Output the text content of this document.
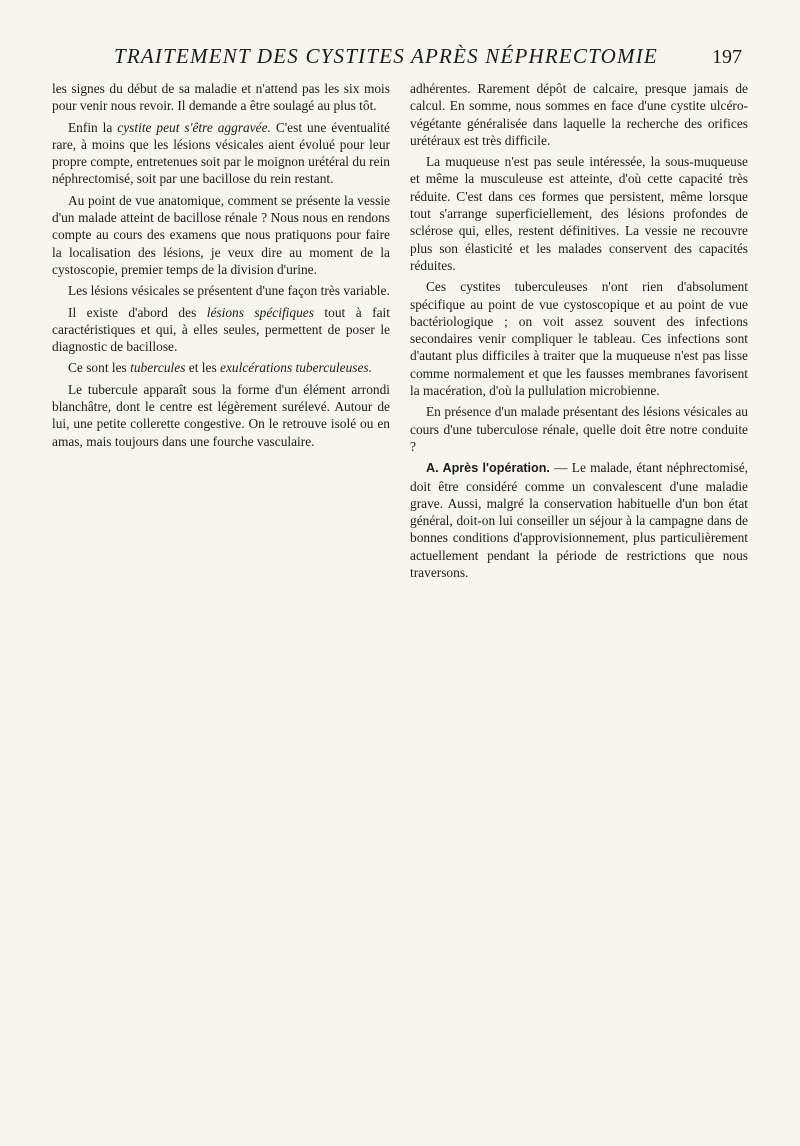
TRAITEMENT DES CYSTITES APRÈS NÉPHRECTOMIE	197

les signes du début de sa maladie et n'attend pas les six mois pour venir nous revoir. Il demande a être soulagé au plus tôt.

Enfin la cystite peut s'être aggravée. C'est une éventualité rare, à moins que les lésions vésicales aient évolué pour leur propre compte, entretenues soit par le moignon urétéral du rein néphrectomisé, soit par une bacillose du rein restant.

Au point de vue anatomique, comment se présente la vessie d'un malade atteint de bacillose rénale ? Nous nous en rendons compte au cours des examens que nous pratiquons pour faire la localisation des lésions, je veux dire au moment de la cystoscopie, premier temps de la division d'urine.

Les lésions vésicales se présentent d'une façon très variable.

Il existe d'abord des lésions spécifiques tout à fait caractéristiques et qui, à elles seules, permettent de poser le diagnostic de bacillose.

Ce sont les tubercules et les exulcérations tuberculeuses.

Le tubercule apparaît sous la forme d'un élément arrondi blanchâtre, dont le centre est légèrement surélevé. Autour de lui, une petite collerette congestive. On le retrouve isolé ou en amas, mais toujours dans une fourche vasculaire.

adhérentes. Rarement dépôt de calcaire, presque jamais de calcul. En somme, nous sommes en face d'une cystite ulcéro-végétante généralisée dans laquelle la recherche des orifices urétéraux est très difficile.

La muqueuse n'est pas seule intéressée, la sous-muqueuse et même la musculeuse est atteinte, d'où cette capacité très réduite. C'est dans ces formes que persistent, même lorsque tout s'arrange superficiellement, des lésions profondes de sclérose qui, elles, restent définitives. La vessie ne recouvre plus son élasticité et les malades conservent des capacités réduites.

Ces cystites tuberculeuses n'ont rien d'absolument spécifique au point de vue cystoscopique et au point de vue bactériologique ; on voit assez souvent des infections secondaires venir compliquer le tableau. Ces infections sont d'autant plus difficiles à traiter que la muqueuse n'est pas lisse comme normalement et que les fausses membranes favorisent la macération, d'où la pullulation microbienne.

En présence d'un malade présentant des lésions vésicales au cours d'une tuberculose rénale, quelle doit être notre conduite ?

A. Après l'opération. — Le malade, étant néphrectomisé, doit être considéré comme un convalescent d'une maladie grave. Aussi, malgré la conservation habituelle d'un bon état général, doit-on lui conseiller un séjour à la campagne dans de bonnes conditions d'approvisionnement, plus particulièrement actuellement pendant la période de restrictions que nous traversons.
